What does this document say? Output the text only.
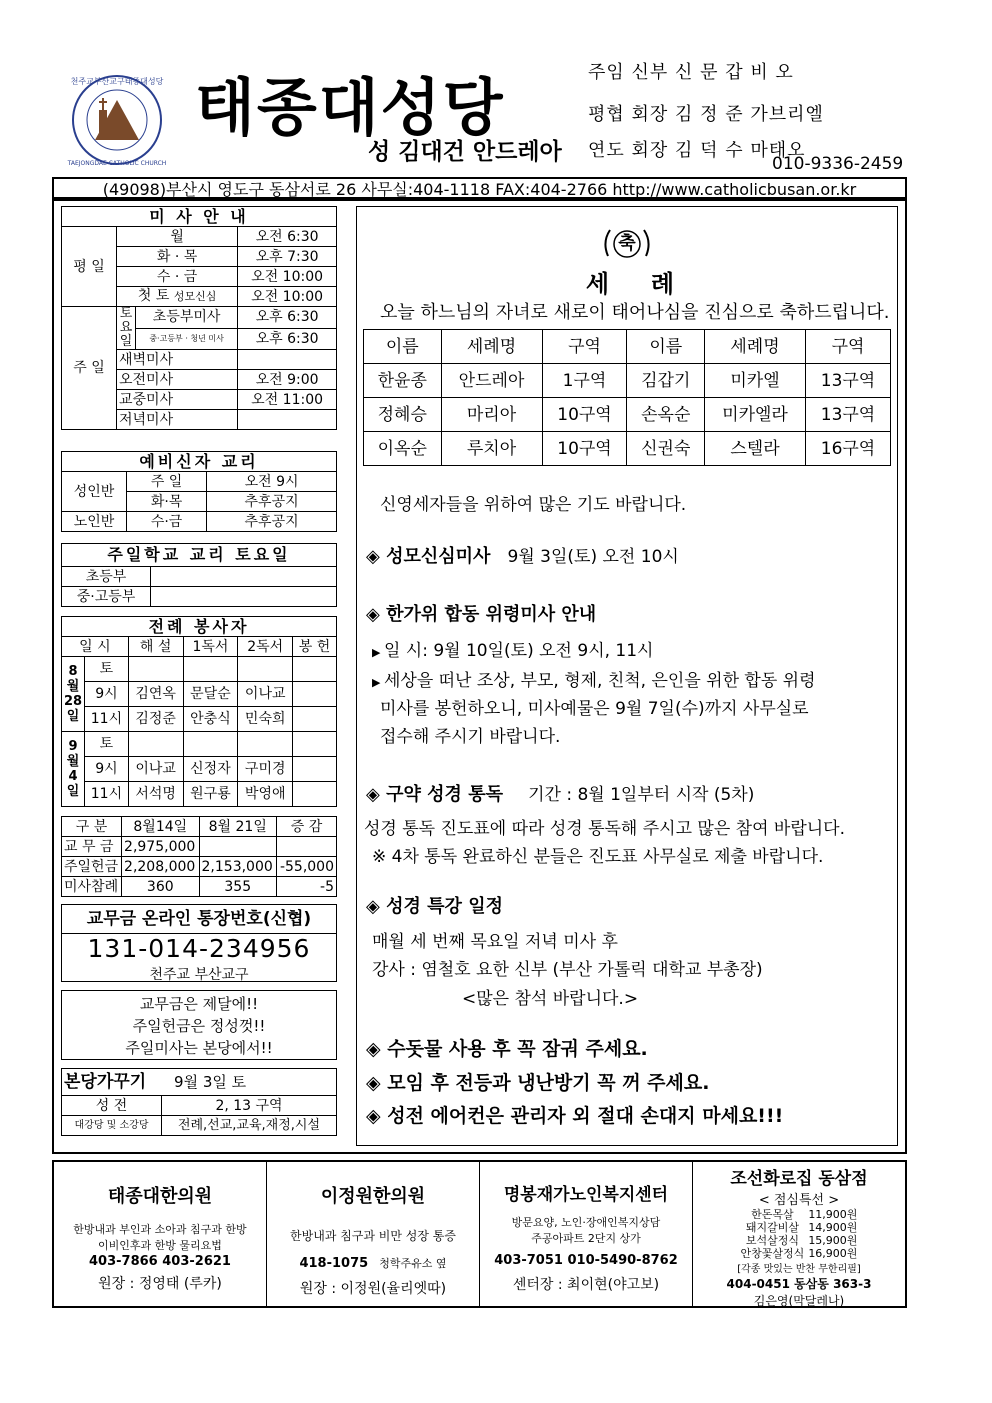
천주교부산교구태종대성당
TAEJONGDAE CATHOLIC CHURCH
태종대성당
성 김대건 안드레아
주임 신부 신 문 갑 비 오
평협 회장 김 정 준 가브리엘
연도 회장 김 덕 수 마태오
010-9336-2459
(49098)부산시 영도구 동삼서로 26 사무실:404-1118 FAX:404-2766 http://www.catholicbusan.or.kr
미 사 안 내			
평 일	월		오전 6:30
	화 · 목		오후 7:30
	수 · 금		오전 10:00
	첫 토 성모신심		오전 10:00
주 일	토요일	초등부미사	오후 6:30
		중·고등부 · 청년 미사	오후 6:30
	새벽미사		
	오전미사		오전 9:00
	교중미사		오전 11:00
	저녁미사		
예비신자 교리		
성인반	주 일	오전 9시
	화·목	추후공지
노인반	수·금	추후공지
주일학교 교리 토요일	
초등부	
중·고등부	
전례 봉사자					
일 시		해 설	1독서	2독서	봉 헌
8월28일	토				
	9시	김연옥	문달순	이나교	
	11시	김정준	안충식	민숙희	
9월4일	토				
	9시	이나교	신정자	구미경	
	11시	서석명	원구룡	박영애	
구 분	8월14일	8월 21일	증 감
교 무 금	2,975,000		
주일헌금	2,208,000	2,153,000	-55,000
미사참례	360	355	-5
교무금 온라인 통장번호(신협)
131-014-234956
천주교 부산교구
교무금은 제달에!!
주일헌금은 정성껏!!
주일미사는 본당에서!!
본당가꾸기 9월 3일 토	
성 전	2, 13 구역
대강당 및 소강당	전례,선교,교육,재정,시설
축
세     례
오늘 하느님의 자녀로 새로이 태어나심을 진심으로 축하드립니다.
이름	세례명	구역	이름	세례명	구역
한윤종	안드레아	1구역	김갑기	미카엘	13구역
정혜승	마리아	10구역	손옥순	미카엘라	13구역
이옥순	루치아	10구역	신권숙	스텔라	16구역
신영세자들을 위하여 많은 기도 바랍니다.
◈ 성모신심미사 9월 3일(토) 오전 10시
◈ 한가위 합동 위령미사 안내
▶ 일 시: 9월 10일(토) 오전 9시, 11시
▶ 세상을 떠난 조상, 부모, 형제, 친척, 은인을 위한 합동 위령
미사를 봉헌하오니, 미사예물은 9월 7일(수)까지 사무실로
접수해 주시기 바랍니다.
◈ 구약 성경 통독 기간 : 8월 1일부터 시작 (5차)
성경 통독 진도표에 따라 성경 통독해 주시고 많은 참여 바랍니다.
※ 4차 통독 완료하신 분들은 진도표 사무실로 제출 바랍니다.
◈ 성경 특강 일정
매월 세 번째 목요일 저녁 미사 후
강사 : 염철호 요한 신부 (부산 가톨릭 대학교 부총장)
<많은 참석 바랍니다.>
◈ 수돗물 사용 후 꼭 잠궈 주세요.
◈ 모임 후 전등과 냉난방기 꼭 꺼 주세요.
◈ 성전 에어컨은 관리자 외 절대 손대지 마세요!!!
태종대한의원
한방내과 부인과 소아과 침구과 한방
이비인후과 한방 물리요법
403-7866 403-2621
원장 : 정영태 (루카)
이정원한의원
한방내과 침구과 비만 성장 통증
418-1075 청학주유소 옆
원장 : 이정원(율리엣따)
명봉재가노인복지센터
방문요양, 노인·장애인복지상담
주공아파트 2단지 상가
403-7051 010-5490-8762
센터장 : 최이현(야고보)
조선화로집 동삼점
< 점심특선 >
한돈목살	11,900원
돼지갈비살	14,900원
보석살정식	15,900원
안창꽃살정식	16,900원
[각종 맛있는 반찬 무한리필]
404-0451 동삼동 363-3
김은영(막달레나)
